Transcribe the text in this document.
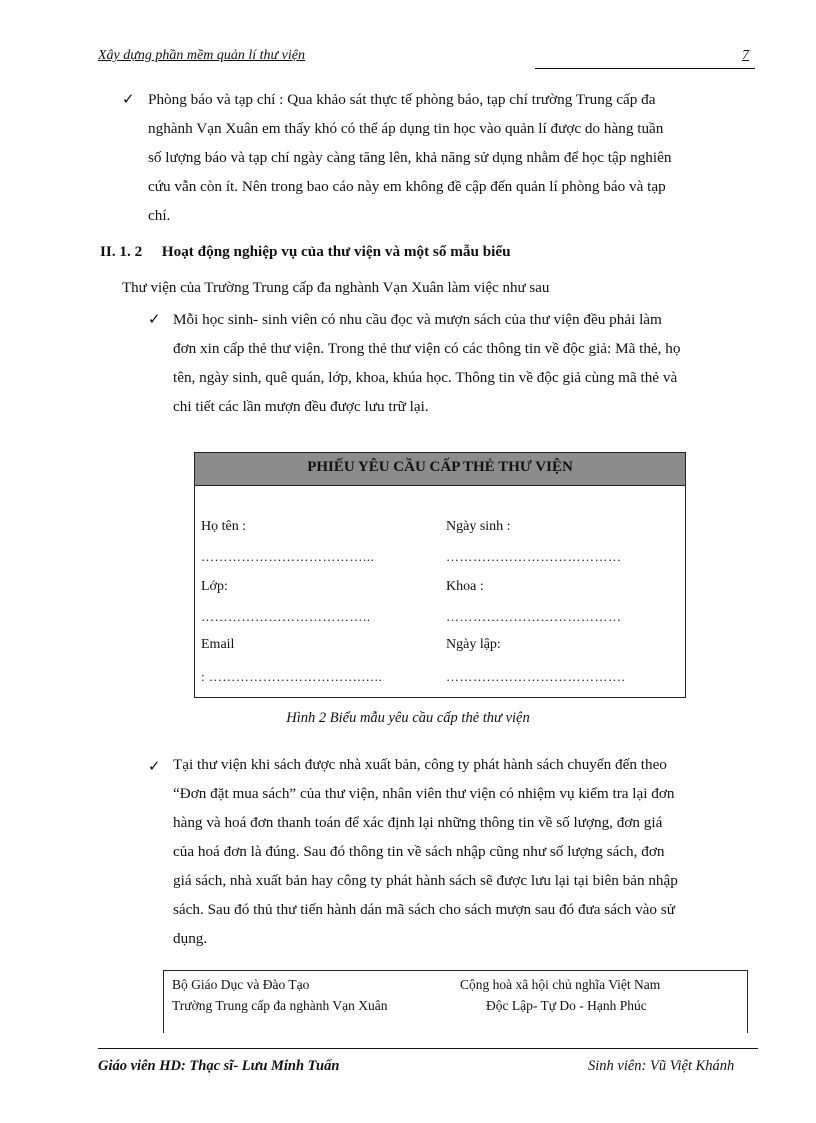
Xây dựng phần mềm quản lí thư viện	7
✓ Phòng báo và tạp chí : Qua khảo sát thực tế phòng báo, tạp chí trường Trung cấp đa
nghành Vạn Xuân em thấy khó có thể áp dụng tin học vào quản lí được do hàng tuần
số lượng báo và tạp chí ngày càng tăng lên, khả năng sử dụng nhằm để học tập nghiên
cứu vẫn còn ít. Nên trong bao cáo này em không đề cập đến quản lí phòng báo và tạp
chí.
II. 1. 2 Hoạt động nghiệp vụ của thư viện và một số mẫu biểu
Thư viện của Trường Trung cấp đa nghành Vạn Xuân làm việc như sau
✓ Mỗi học sinh- sinh viên có nhu cầu đọc và mượn sách của thư viện đều phải làm
đơn xin cấp thẻ thư viện. Trong thẻ thư viện có các thông tin về độc giả: Mã thẻ, họ
tên, ngày sinh, quê quán, lớp, khoa, khúa học. Thông tin về độc giả cùng mã thẻ và
chi tiết các lần mượn đều được lưu trữ lại.
PHIẾU YÊU CẦU CẤP THẺ THƯ VIỆN
Họ tên :
………………………………...
Ngày sinh :
…………………………………
Lớp:
………………………………..
Khoa :
…………………………………
Email
: …………………………….…..
Ngày lập:
………………………………….
Hình 2 Biểu mẫu yêu cầu cấp thẻ thư viện
✓ Tại thư viện khi sách được nhà xuất bản, công ty phát hành sách chuyển đến theo
“Đơn đặt mua sách” của thư viện, nhân viên thư viện có nhiệm vụ kiểm tra lại đơn
hàng và hoá đơn thanh toán để xác định lại những thông tin về số lượng, đơn giá
của hoá đơn là đúng. Sau đó thông tin về sách nhập cũng như số lượng sách, đơn
giá sách, nhà xuất bản hay công ty phát hành sách sẽ được lưu lại tại biên bản nhập
sách. Sau đó thủ thư tiến hành dán mã sách cho sách mượn sau đó đưa sách vào sử
dụng.
Bộ Giáo Dục và Đào Tạo
Trường Trung cấp đa nghành Vạn Xuân
Cộng hoà xã hội chủ nghĩa Việt Nam
Độc Lập- Tự Do - Hạnh Phúc
Giáo viên HD: Thạc sĩ- Lưu Minh Tuấn	Sinh viên: Vũ Việt Khánh
